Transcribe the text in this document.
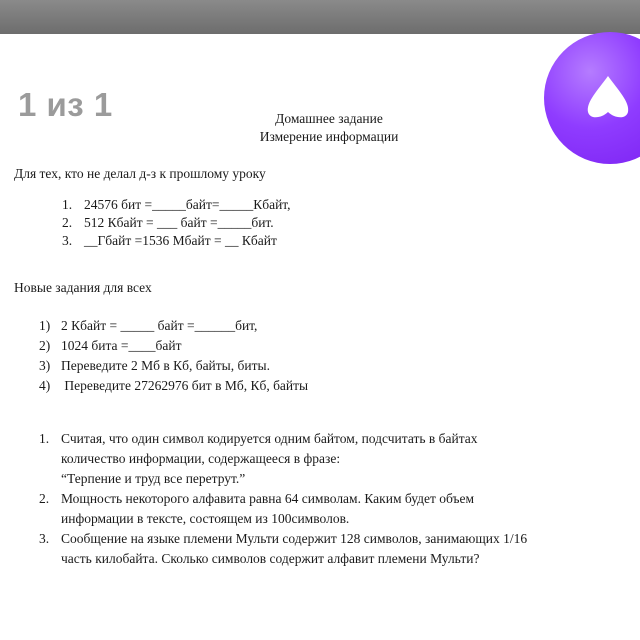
1 из 1	Домашнее задание
Измерение информации
Для тех, кто не делал д-з к прошлому уроку
1. 24576 бит =_____байт=_____Кбайт,
2. 512 Кбайт = ___ байт =_____бит.
3. __Гбайт =1536 Мбайт = __ Кбайт
Новые задания для всех
1) 2 Кбайт = _____ байт =______бит,
2) 1024 бита =____байт
3) Переведите 2 Мб в Кб, байты, биты.
4) Переведите 27262976 бит в Мб, Кб, байты
1. Считая, что один символ кодируется одним байтом, подсчитать в байтах
количество информации, содержащееся в фразе:
“Терпение и труд все перетрут.”
2. Мощность некоторого алфавита равна 64 символам. Каким будет объем
информации в тексте, состоящем из 100символов.
3. Сообщение на языке племени Мульти содержит 128 символов, занимающих 1/16
часть килобайта. Сколько символов содержит алфавит племени Мульти?
